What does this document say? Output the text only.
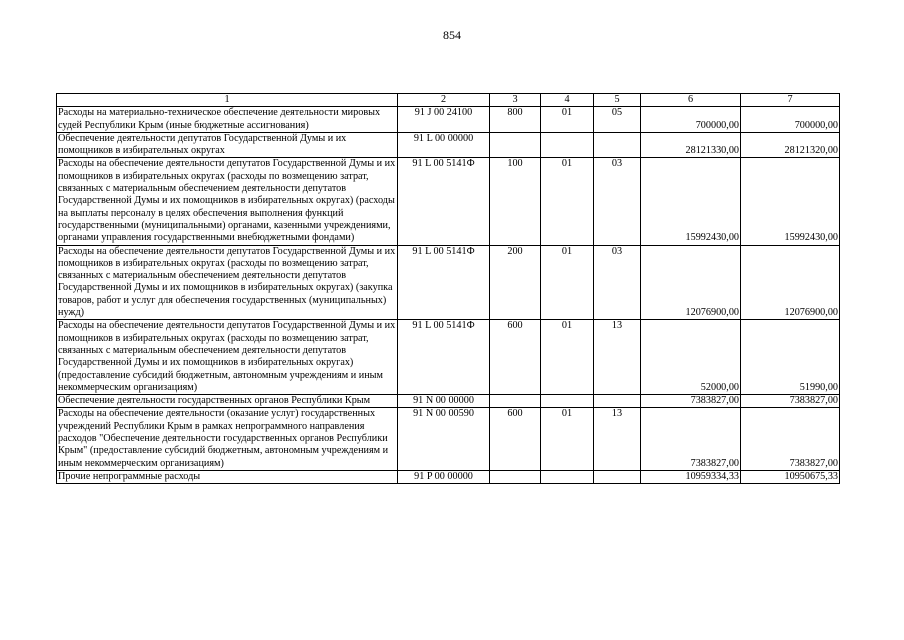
854
1	2	3	4	5	6	7
Расходы на материально-техническое обеспечение деятельности мировых судей Республики Крым (иные бюджетные ассигнования)	91 J 00 24100	800	01	05	700000,00	700000,00
Обеспечение деятельности депутатов Государственной Думы и их помощников в избирательных округах	91 L 00 00000				28121330,00	28121320,00
Расходы на обеспечение деятельности депутатов Государственной Думы и их помощников в избирательных округах (расходы по возмещению затрат, связанных с материальным обеспечением деятельности депутатов Государственной Думы и их помощников в избирательных округах) (расходы на выплаты персоналу в целях обеспечения выполнения функций государственными (муниципальными) органами, казенными учреждениями, органами управления государственными внебюджетными фондами)	91 L 00 5141Ф	100	01	03	15992430,00	15992430,00
Расходы на обеспечение деятельности депутатов Государственной Думы и их помощников в избирательных округах (расходы по возмещению затрат, связанных с материальным обеспечением деятельности депутатов Государственной Думы и их помощников в избирательных округах) (закупка товаров, работ и услуг для обеспечения государственных (муниципальных) нужд)	91 L 00 5141Ф	200	01	03	12076900,00	12076900,00
Расходы на обеспечение деятельности депутатов Государственной Думы и их помощников в избирательных округах (расходы по возмещению затрат, связанных с материальным обеспечением деятельности депутатов Государственной Думы и их помощников в избирательных округах) (предоставление субсидий бюджетным, автономным учреждениям и иным некоммерческим организациям)	91 L 00 5141Ф	600	01	13	52000,00	51990,00
Обеспечение деятельности государственных органов Республики Крым	91 N 00 00000				7383827,00	7383827,00
Расходы на обеспечение деятельности (оказание услуг) государственных учреждений Республики Крым в рамках непрограммного направления расходов "Обеспечение деятельности государственных органов Республики Крым" (предоставление субсидий бюджетным, автономным учреждениям и иным некоммерческим организациям)	91 N 00 00590	600	01	13	7383827,00	7383827,00
Прочие непрограммные расходы	91 P 00 00000				10959334,33	10950675,33
